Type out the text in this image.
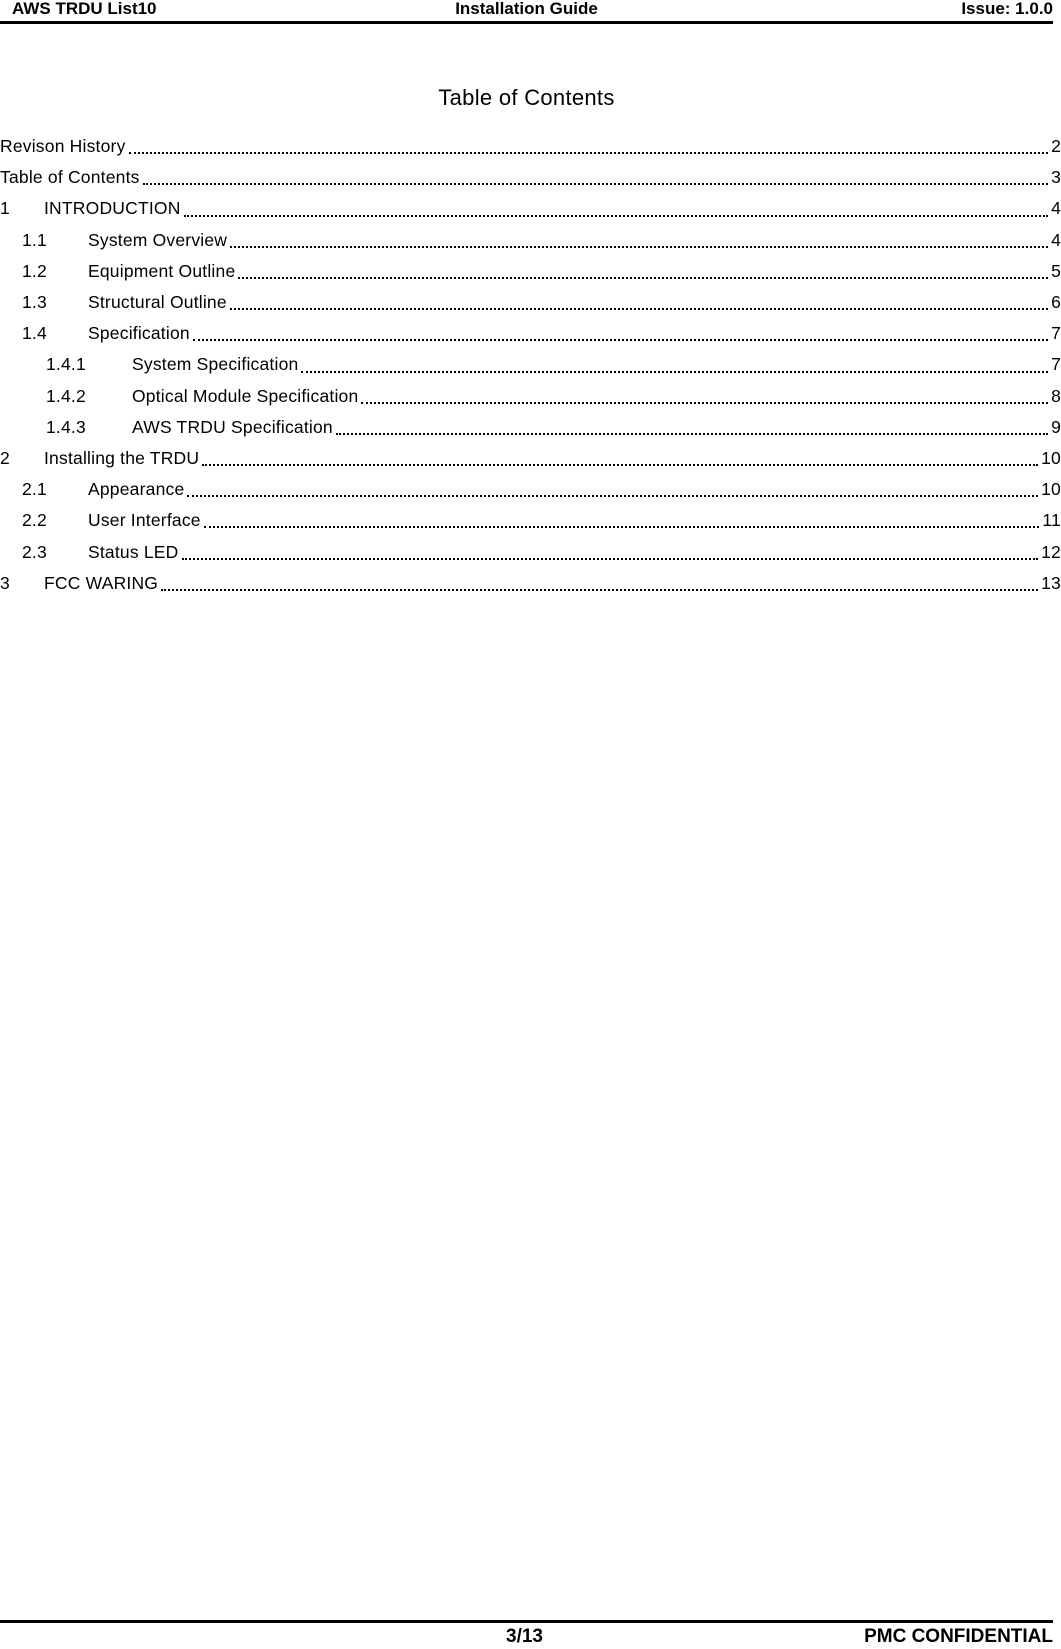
AWS TRDU List10	Installation Guide	Issue: 1.0.0
Table of Contents
Revison History	2
Table of Contents	3
1	INTRODUCTION	4
1.1	System Overview	4
1.2	Equipment Outline	5
1.3	Structural Outline	6
1.4	Specification	7
1.4.1	System Specification	7
1.4.2	Optical Module Specification	8
1.4.3	AWS TRDU Specification	9
2	Installing the TRDU	10
2.1	Appearance	10
2.2	User Interface	11
2.3	Status LED	12
3	FCC WARING	13
3/13	PMC CONFIDENTIAL
